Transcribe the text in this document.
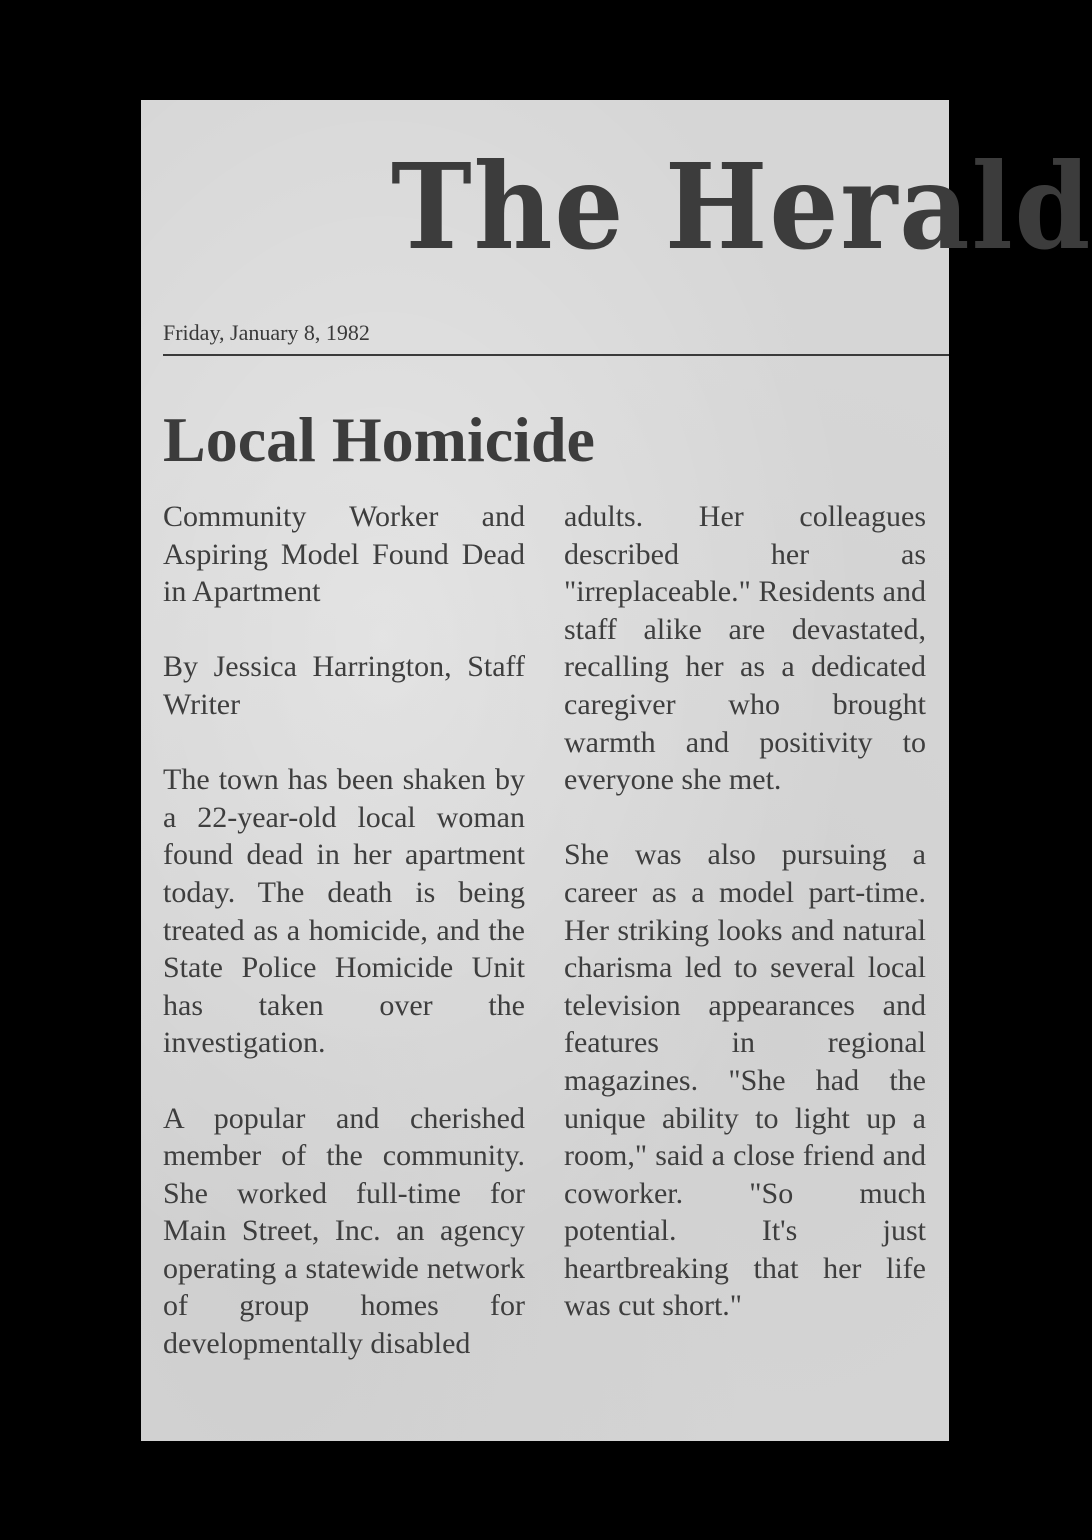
The Herald
Friday, January 8, 1982
Local Homicide

Community Worker and Aspiring Model Found Dead in Apartment

By Jessica Harrington, Staff Writer

The town has been shaken by a 22-year-old local woman found dead in her apartment today. The death is being treated as a homicide, and the State Police Homicide Unit has taken over the investigation.

A popular and cherished member of the community. She worked full-time for Main Street, Inc. an agency operating a statewide network of group homes for developmentally disabled

adults. Her colleagues described her as "irreplaceable." Residents and staff alike are devastated, recalling her as a dedicated caregiver who brought warmth and positivity to everyone she met.

She was also pursuing a career as a model part-time. Her striking looks and natural charisma led to several local television appearances and features in regional magazines. "She had the unique ability to light up a room," said a close friend and coworker. "So much potential. It's just heartbreaking that her life was cut short."
